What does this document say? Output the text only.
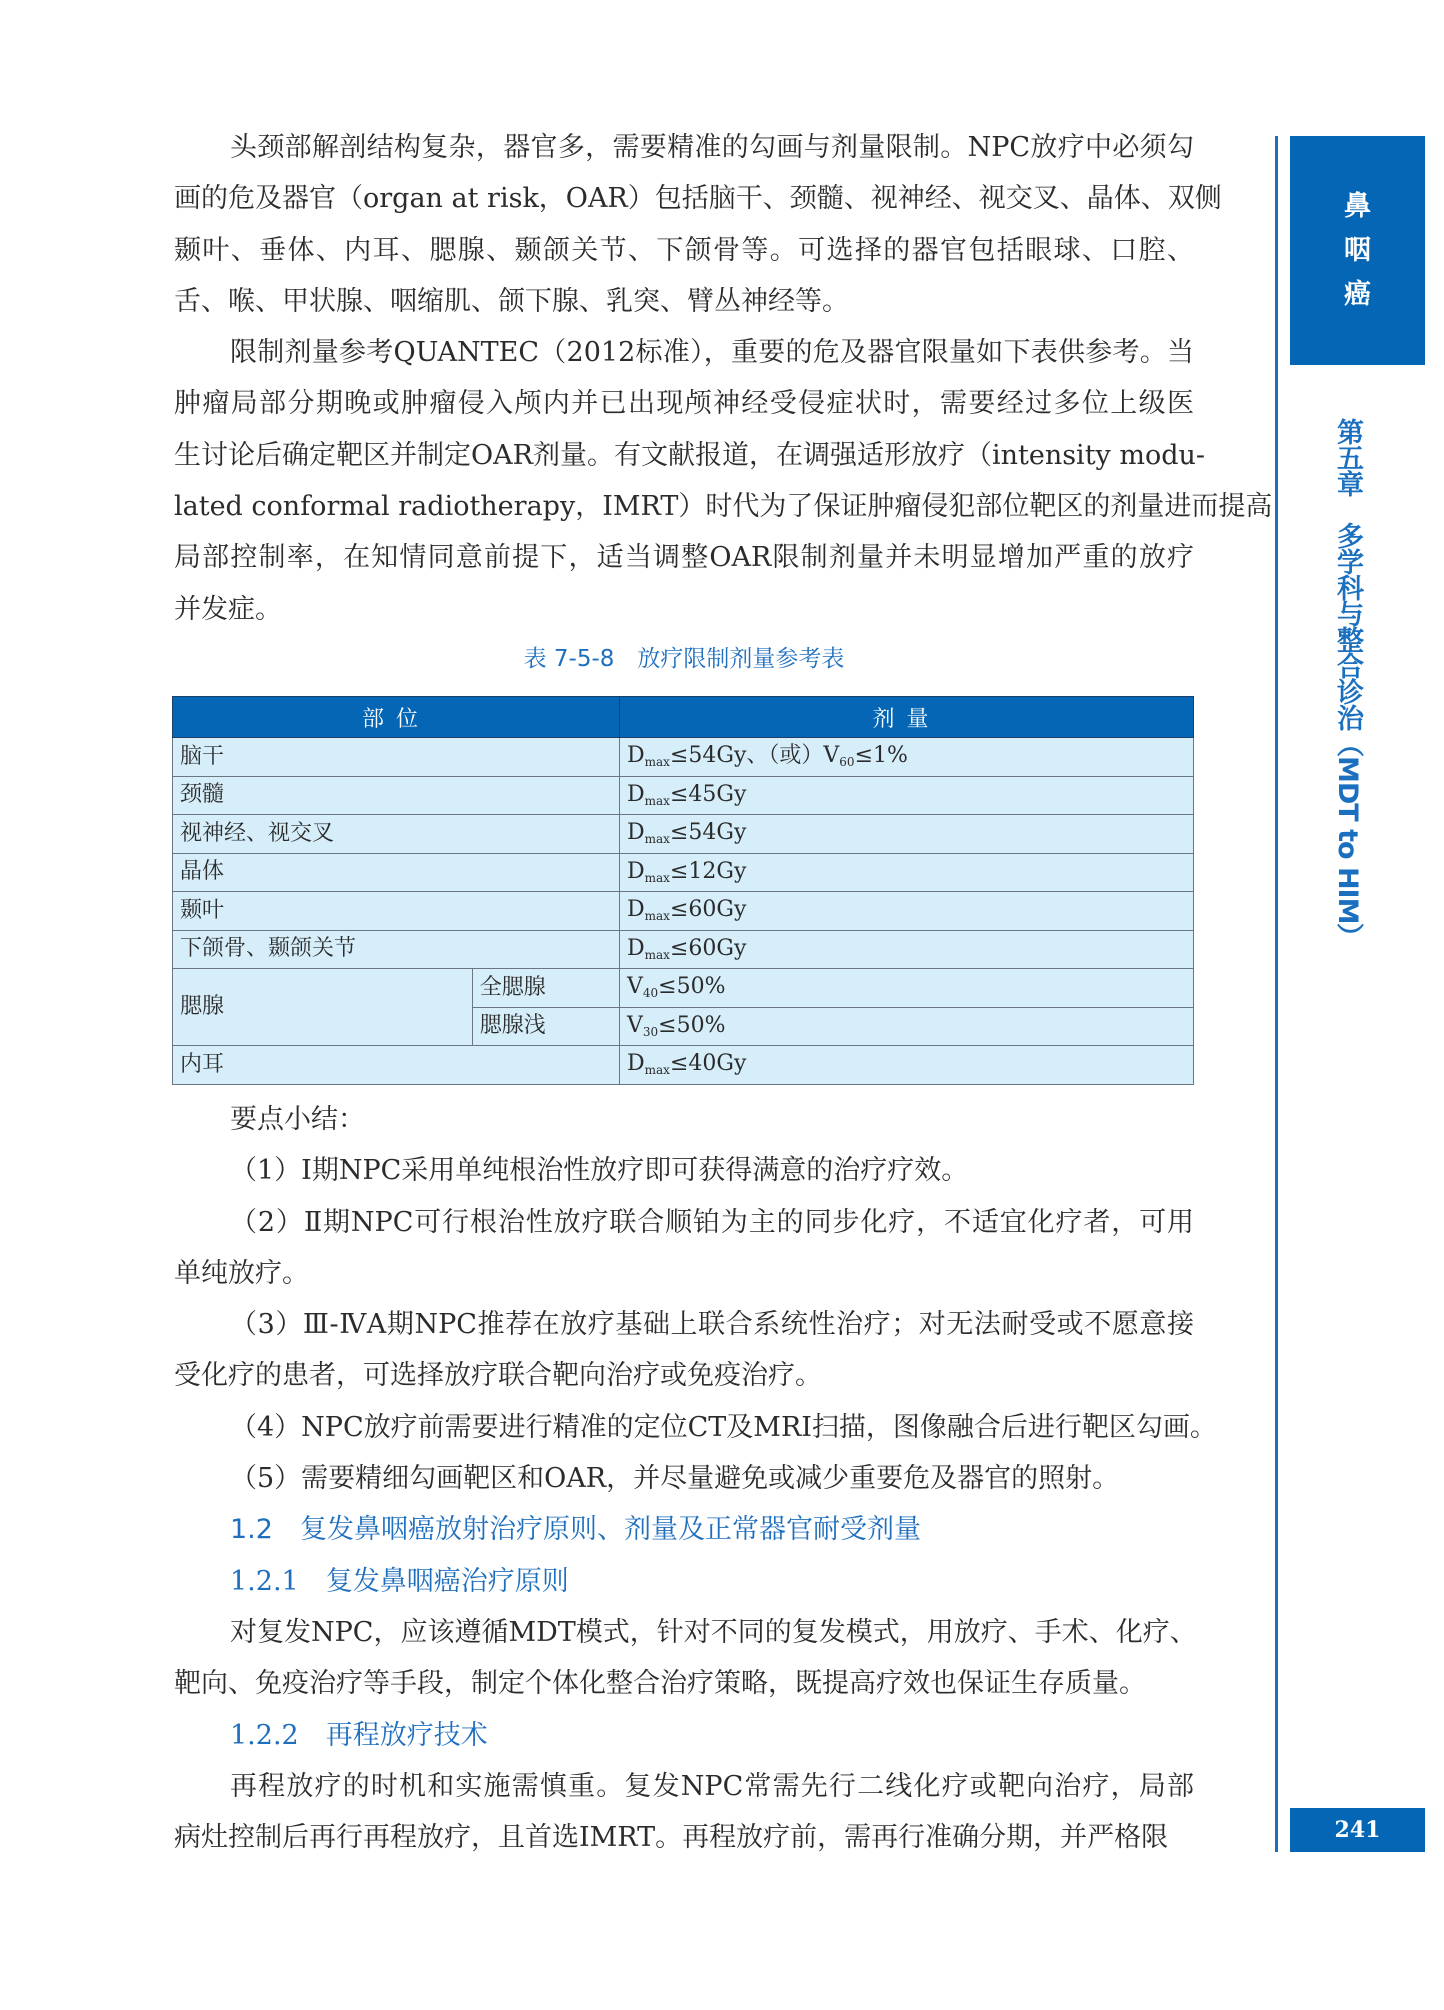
头颈部解剖结构复杂，器官多，需要精准的勾画与剂量限制。NPC放疗中必须勾
画的危及器官（organ at risk，OAR）包括脑干、颈髓、视神经、视交叉、晶体、双侧
颞叶、垂体、内耳、腮腺、颞颌关节、下颌骨等。可选择的器官包括眼球、口腔、
舌、喉、甲状腺、咽缩肌、颌下腺、乳突、臂丛神经等。
限制剂量参考QUANTEC（2012标准），重要的危及器官限量如下表供参考。当
肿瘤局部分期晚或肿瘤侵入颅内并已出现颅神经受侵症状时，需要经过多位上级医
生讨论后确定靶区并制定OAR剂量。有文献报道，在调强适形放疗（intensity modu-
lated conformal radiotherapy，IMRT）时代为了保证肿瘤侵犯部位靶区的剂量进而提高
局部控制率，在知情同意前提下，适当调整OAR限制剂量并未明显增加严重的放疗
并发症。
表 7-5-8　放疗限制剂量参考表
部位		剂量
脑干		$D_{max}\le 54Gy$、（或）$V_{60}\le 1\%$
颈髓		$D_{max}\le 45Gy$
视神经、视交叉		$D_{max}\le 54Gy$
晶体		$D_{max}\le 12Gy$
颞叶		$D_{max}\le 60Gy$
下颌骨、颞颌关节		$D_{max}\le 60Gy$
腮腺	全腮腺	$V_{40}\le 50\%$
	腮腺浅	$V_{30}\le 50\%$
内耳		$D_{max}\le 40Gy$
要点小结：
（1）Ⅰ期NPC采用单纯根治性放疗即可获得满意的治疗疗效。
（2）Ⅱ期NPC可行根治性放疗联合顺铂为主的同步化疗，不适宜化疗者，可用
单纯放疗。
（3）Ⅲ-ⅣA期NPC推荐在放疗基础上联合系统性治疗；对无法耐受或不愿意接
受化疗的患者，可选择放疗联合靶向治疗或免疫治疗。
（4）NPC放疗前需要进行精准的定位CT及MRI扫描，图像融合后进行靶区勾画。
（5）需要精细勾画靶区和OAR，并尽量避免或减少重要危及器官的照射。
1.2　复发鼻咽癌放射治疗原则、剂量及正常器官耐受剂量
1.2.1　复发鼻咽癌治疗原则
对复发NPC，应该遵循MDT模式，针对不同的复发模式，用放疗、手术、化疗、
靶向、免疫治疗等手段，制定个体化整合治疗策略，既提高疗效也保证生存质量。
1.2.2　再程放疗技术
再程放疗的时机和实施需慎重。复发NPC常需先行二线化疗或靶向治疗，局部
病灶控制后再行再程放疗，且首选IMRT。再程放疗前，需再行准确分期，并严格限
鼻
咽
癌
第五章　多学科与整合诊治（MDT to HIM）
241
